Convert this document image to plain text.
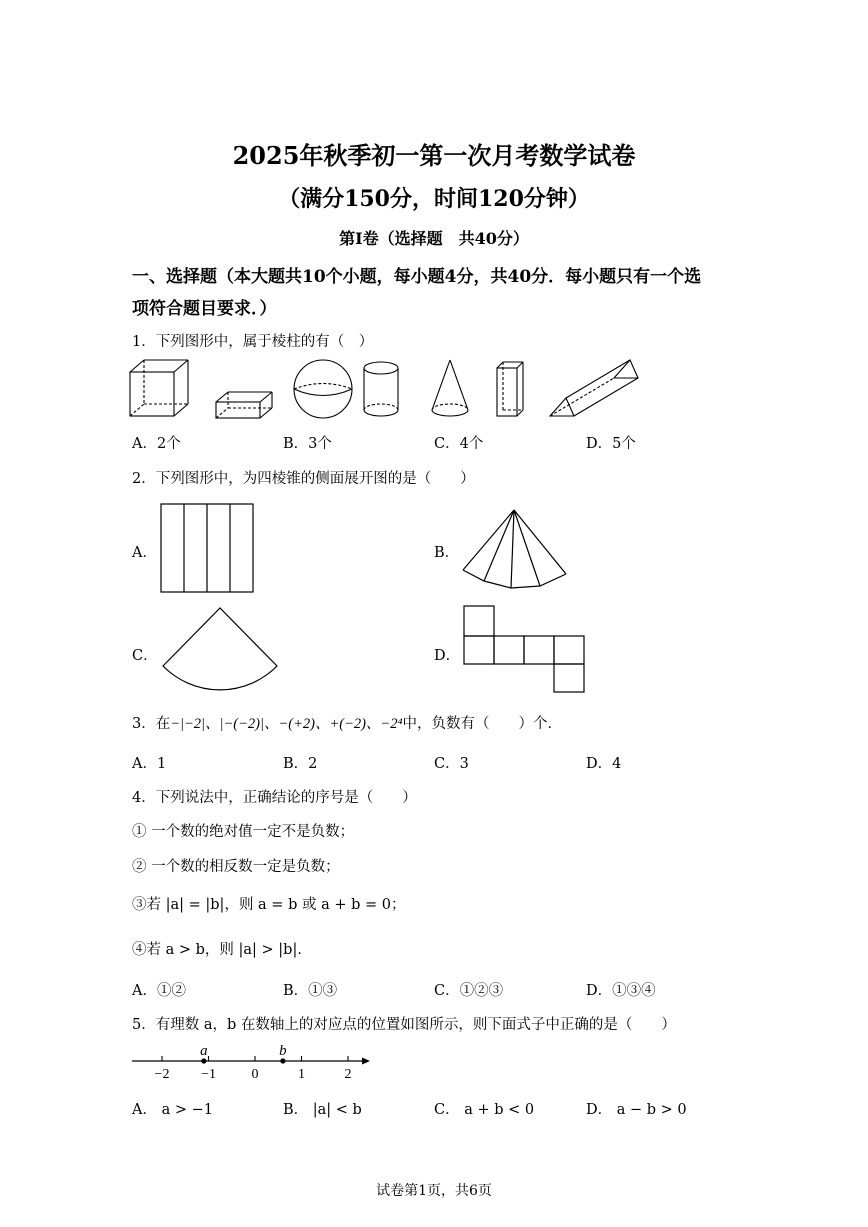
2025年秋季初一第一次月考数学试卷
（满分150分，时间120分钟）
第Ⅰ卷（选择题　共40分）
一、选择题（本大题共10个小题，每小题4分，共40分．每小题只有一个选
项符合题目要求．）
1．下列图形中，属于棱柱的有（　）
A．2个	B．3个	C．4个	D．5个
2．下列图形中，为四棱锥的侧面展开图的是（　　）
A．	B．
C．	D．
3．在−|−2|、|−(−2)|、−(+2)、+(−2)、−2⁴中，负数有（　　）个．
A．1	B．2	C．3	D．4
4．下列说法中，正确结论的序号是（　　）
① 一个数的绝对值一定不是负数；
② 一个数的相反数一定是负数；
③若 |a| = |b|，则 a = b 或 a + b = 0；
④若 a > b，则 |a| > |b|．
A．①②	B．①③	C．①②③	D．①③④
5．有理数 a，b 在数轴上的对应点的位置如图所示，则下面式子中正确的是（　　）
−2 −1	0	1	2
a	b
A． a > −1	B． |a| < b	C． a + b < 0	D． a − b > 0
试卷第1页，共6页
